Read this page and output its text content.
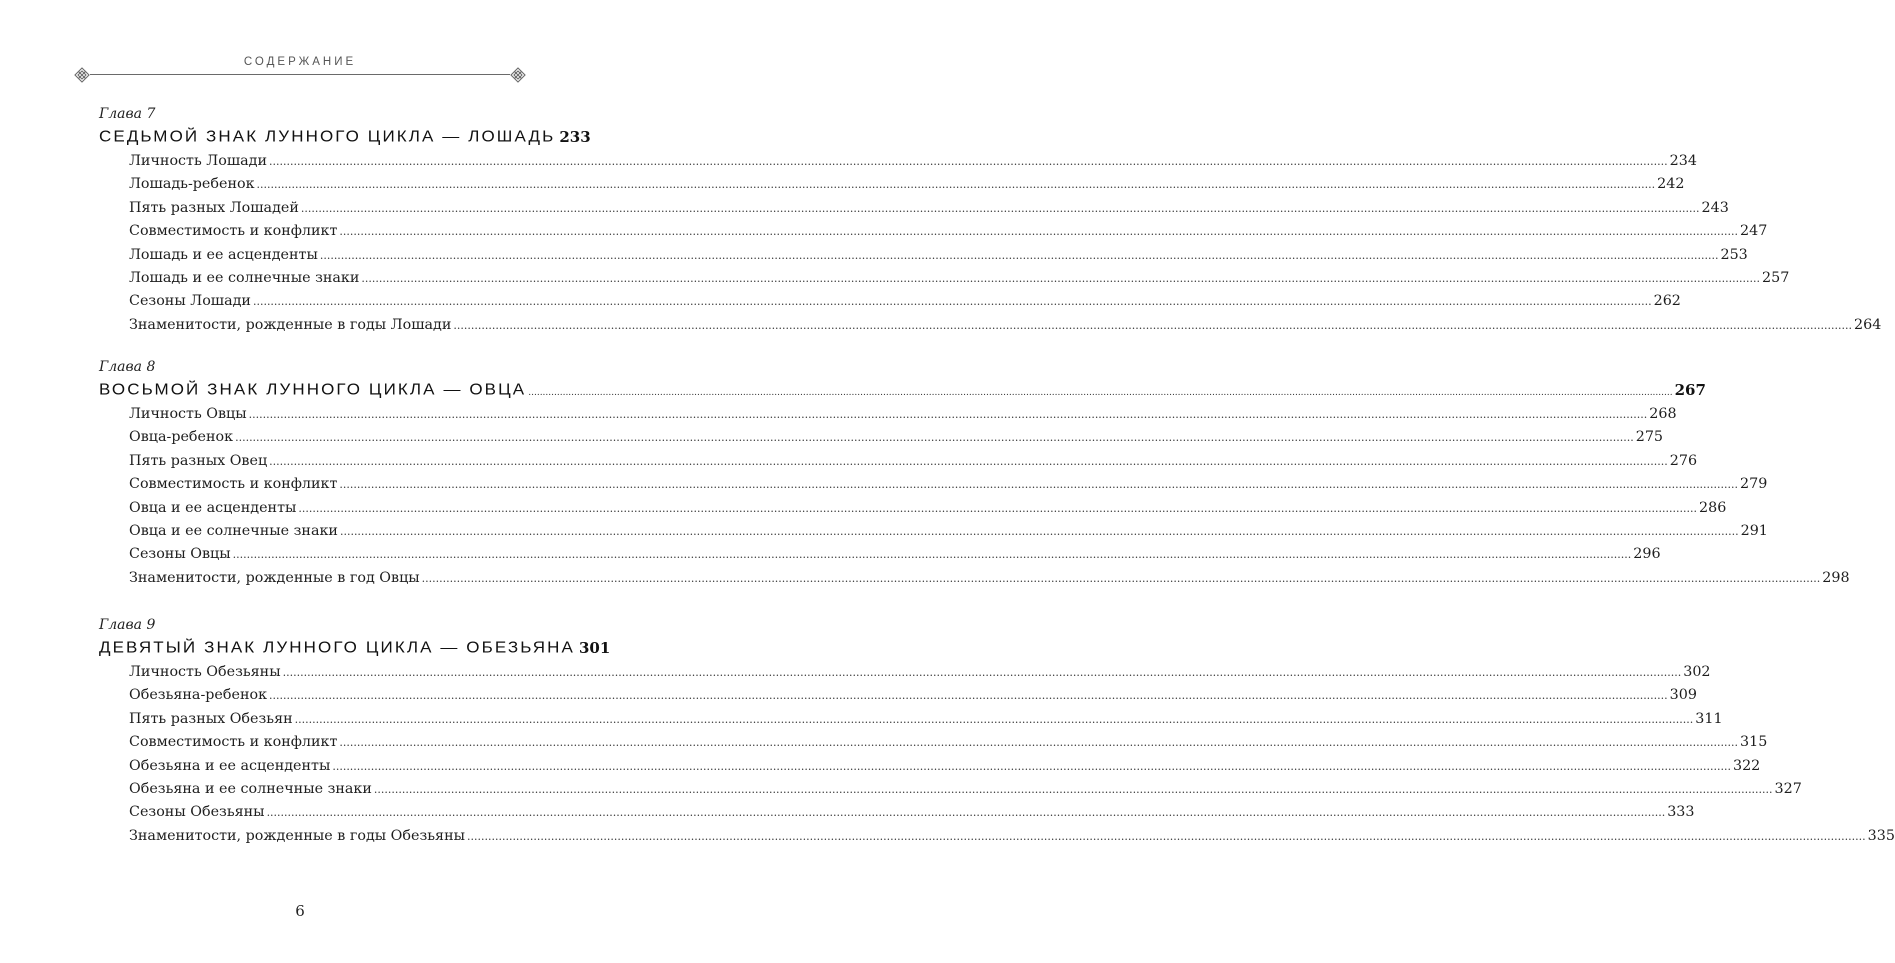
СОДЕРЖАНИЕ
Глава 7
СЕДЬМОЙ ЗНАК ЛУННОГО ЦИКЛА — ЛОШАДЬ 233
Личность Лошади ................................................................................................................................................................................................................................................................................................................................................................................................................ 234
Лошадь-ребенок ................................................................................................................................................................................................................................................................................................................................................................................................................ 242
Пять разных Лошадей ................................................................................................................................................................................................................................................................................................................................................................................................................ 243
Совместимость и конфликт ................................................................................................................................................................................................................................................................................................................................................................................................................ 247
Лошадь и ее асценденты ................................................................................................................................................................................................................................................................................................................................................................................................................ 253
Лошадь и ее солнечные знаки ................................................................................................................................................................................................................................................................................................................................................................................................................ 257
Сезоны Лошади ................................................................................................................................................................................................................................................................................................................................................................................................................ 262
Знаменитости, рожденные в годы Лошади ................................................................................................................................................................................................................................................................................................................................................................................................................ 264
Глава 8
ВОСЬМОЙ ЗНАК ЛУННОГО ЦИКЛА — ОВЦА ................................................................................................................................................................................................................................................................................................................................................................................................................ 267
Личность Овцы ................................................................................................................................................................................................................................................................................................................................................................................................................ 268
Овца-ребенок ................................................................................................................................................................................................................................................................................................................................................................................................................ 275
Пять разных Овец ................................................................................................................................................................................................................................................................................................................................................................................................................ 276
Совместимость и конфликт ................................................................................................................................................................................................................................................................................................................................................................................................................ 279
Овца и ее асценденты ................................................................................................................................................................................................................................................................................................................................................................................................................ 286
Овца и ее солнечные знаки ................................................................................................................................................................................................................................................................................................................................................................................................................ 291
Сезоны Овцы ................................................................................................................................................................................................................................................................................................................................................................................................................ 296
Знаменитости, рожденные в год Овцы ................................................................................................................................................................................................................................................................................................................................................................................................................ 298
Глава 9
ДЕВЯТЫЙ ЗНАК ЛУННОГО ЦИКЛА — ОБЕЗЬЯНА 301
Личность Обезьяны ................................................................................................................................................................................................................................................................................................................................................................................................................ 302
Обезьяна-ребенок ................................................................................................................................................................................................................................................................................................................................................................................................................ 309
Пять разных Обезьян ................................................................................................................................................................................................................................................................................................................................................................................................................ 311
Совместимость и конфликт ................................................................................................................................................................................................................................................................................................................................................................................................................ 315
Обезьяна и ее асценденты ................................................................................................................................................................................................................................................................................................................................................................................................................ 322
Обезьяна и ее солнечные знаки ................................................................................................................................................................................................................................................................................................................................................................................................................ 327
Сезоны Обезьяны ................................................................................................................................................................................................................................................................................................................................................................................................................ 333
Знаменитости, рожденные в годы Обезьяны ................................................................................................................................................................................................................................................................................................................................................................................................................ 335
6
